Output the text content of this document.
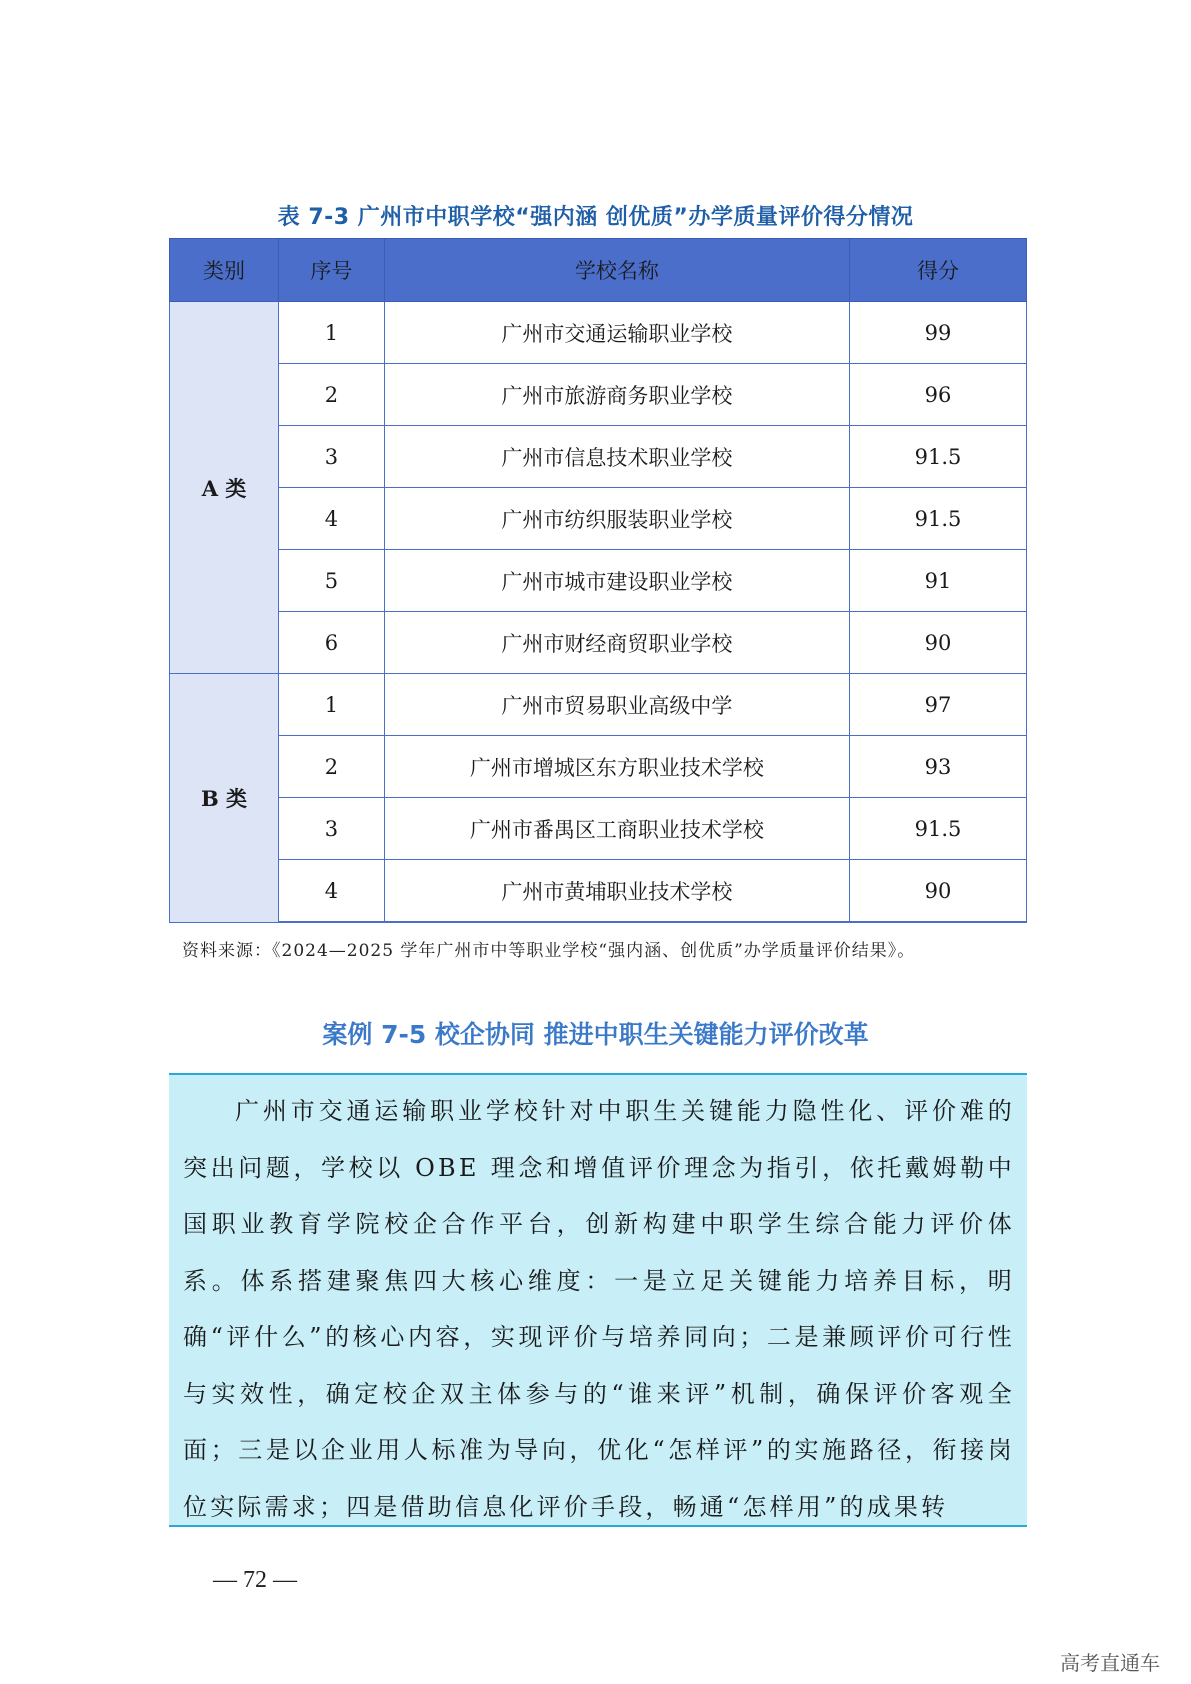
表 7-3 广州市中职学校“强内涵 创优质”办学质量评价得分情况
类别	序号	学校名称	得分
A 类	1	广州市交通运输职业学校	99
	2	广州市旅游商务职业学校	96
	3	广州市信息技术职业学校	91.5
	4	广州市纺织服装职业学校	91.5
	5	广州市城市建设职业学校	91
	6	广州市财经商贸职业学校	90
B 类	1	广州市贸易职业高级中学	97
	2	广州市增城区东方职业技术学校	93
	3	广州市番禺区工商职业技术学校	91.5
	4	广州市黄埔职业技术学校	90
资料来源：《2024—2025 学年广州市中等职业学校“强内涵、创优质”办学质量评价结果》。
案例 7-5 校企协同 推进中职生关键能力评价改革

广州市交通运输职业学校针对中职生关键能力隐性化、评价难的突出问题，学校以 OBE 理念和增值评价理念为指引，依托戴姆勒中国职业教育学院校企合作平台，创新构建中职学生综合能力评价体系。体系搭建聚焦四大核心维度：一是立足关键能力培养目标，明确“评什么”的核心内容，实现评价与培养同向；二是兼顾评价可行性与实效性，确定校企双主体参与的“谁来评”机制，确保评价客观全面；三是以企业用人标准为导向，优化“怎样评”的实施路径，衔接岗位实际需求；四是借助信息化评价手段，畅通“怎样用”的成果转

— 72 —
高考直通车
